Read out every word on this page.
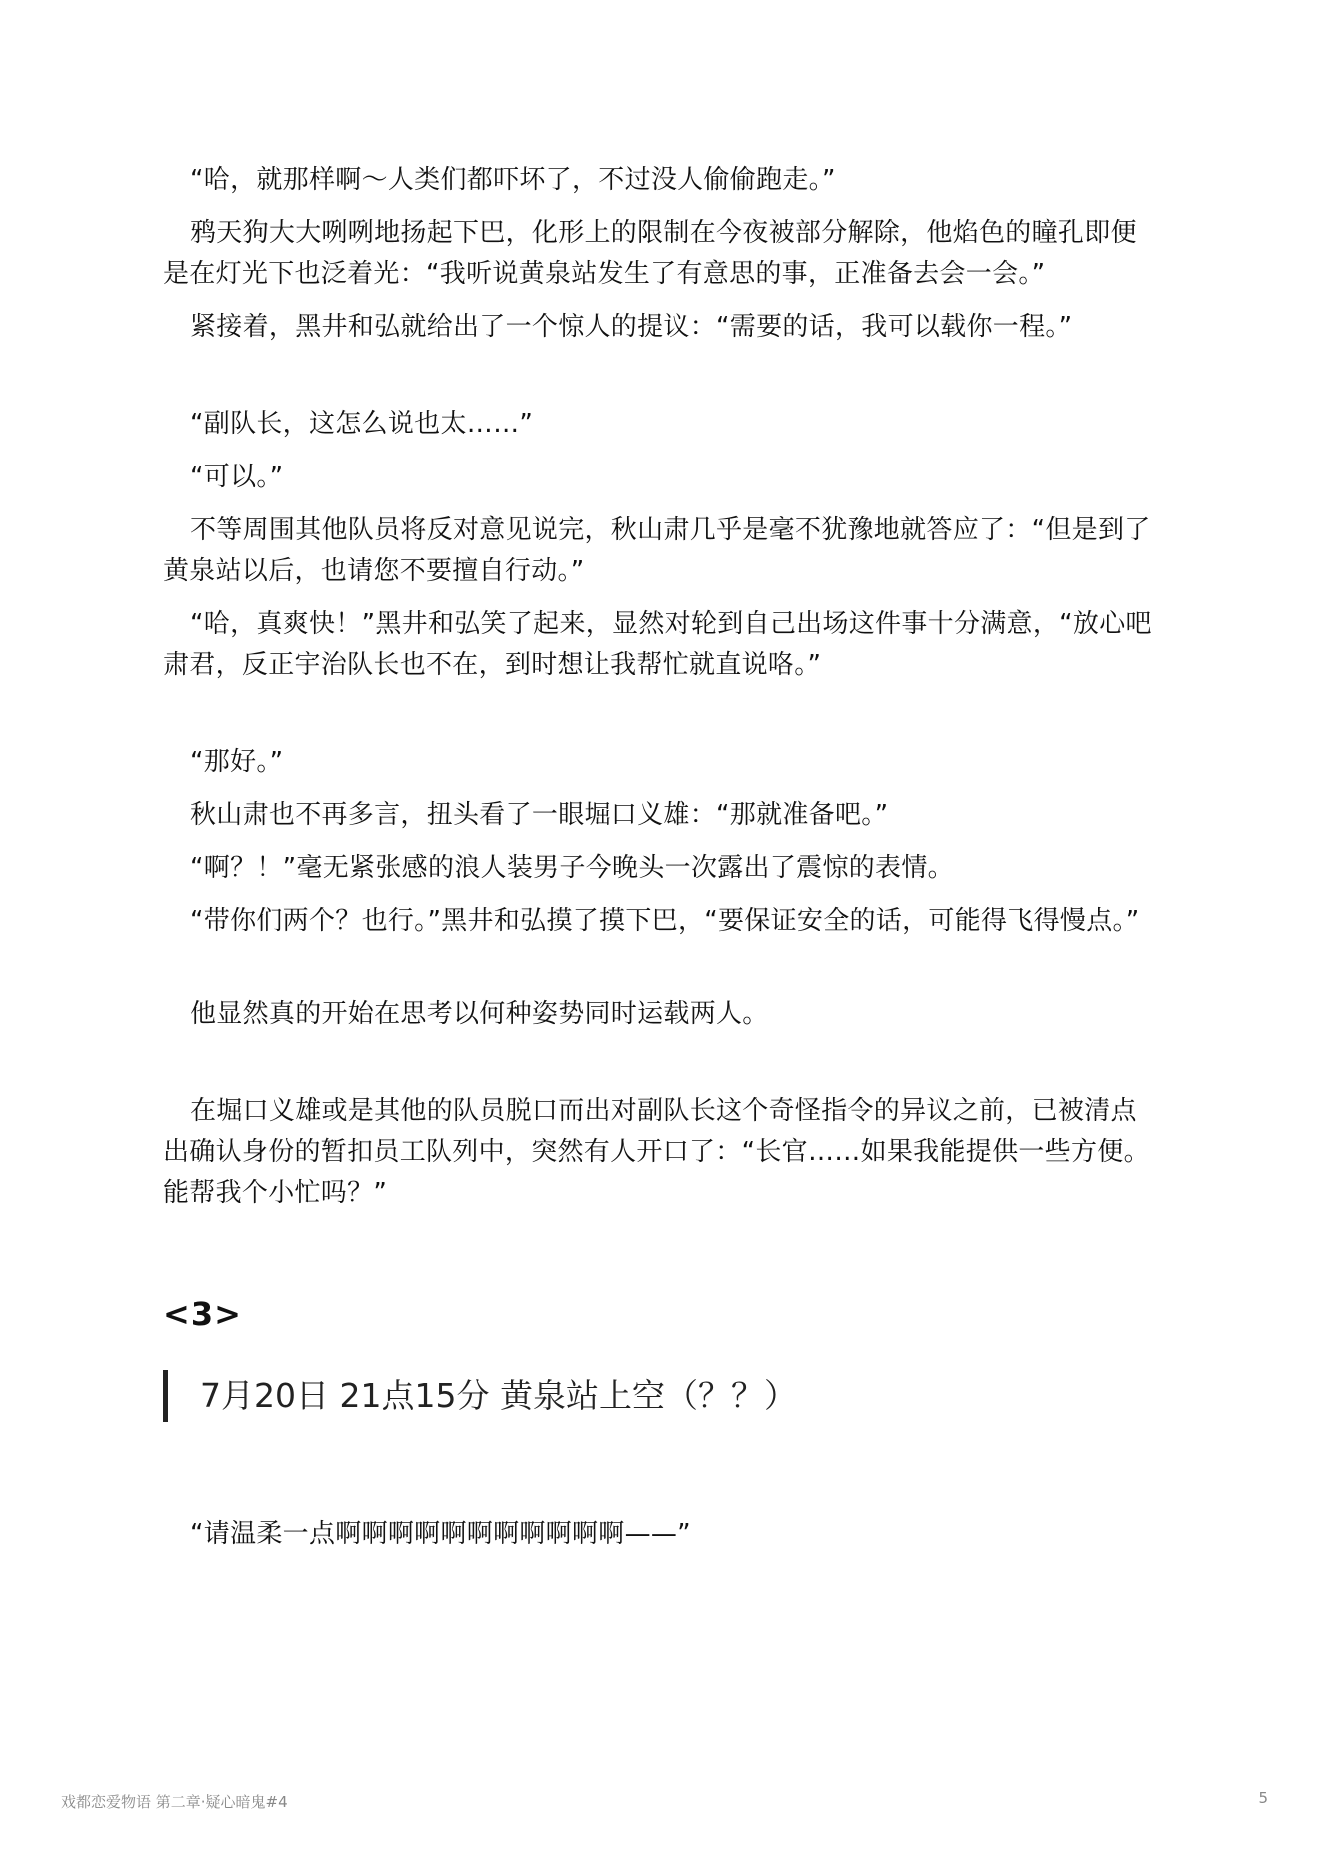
“哈，就那样啊～人类们都吓坏了，不过没人偷偷跑走。”

鸦天狗大大咧咧地扬起下巴，化形上的限制在今夜被部分解除，他焰色的瞳孔即便是在灯光下也泛着光：“我听说黄泉站发生了有意思的事，正准备去会一会。”

紧接着，黑井和弘就给出了一个惊人的提议：“需要的话，我可以载你一程。”

“副队长，这怎么说也太……”

“可以。”

不等周围其他队员将反对意见说完，秋山肃几乎是毫不犹豫地就答应了：“但是到了黄泉站以后，也请您不要擅自行动。”

“哈，真爽快！”黑井和弘笑了起来，显然对轮到自己出场这件事十分满意，“放心吧肃君，反正宇治队长也不在，到时想让我帮忙就直说咯。”

“那好。”

秋山肃也不再多言，扭头看了一眼堀口义雄：“那就准备吧。”

“啊？！”毫无紧张感的浪人装男子今晚头一次露出了震惊的表情。

“带你们两个？也行。”黑井和弘摸了摸下巴，“要保证安全的话，可能得飞得慢点。”

他显然真的开始在思考以何种姿势同时运载两人。

在堀口义雄或是其他的队员脱口而出对副队长这个奇怪指令的异议之前，已被清点出确认身份的暂扣员工队列中，突然有人开口了：“长官……如果我能提供一些方便。能帮我个小忙吗？”

<3>
7月20日 21点15分 黄泉站上空（？？）

“请温柔一点啊啊啊啊啊啊啊啊啊啊啊——”

戏都恋爱物语 第二章·疑心暗鬼#4	5
